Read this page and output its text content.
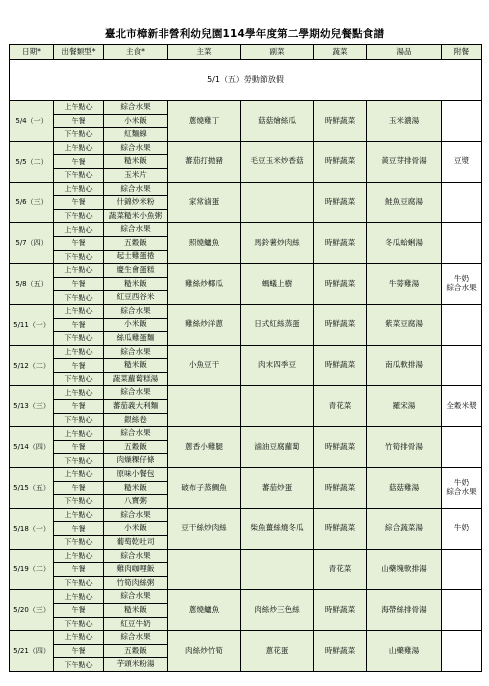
臺北市樟新非營利幼兒園114學年度第二學期幼兒餐點食譜
日期*	出餐類型*	主食*	主菜	副菜	蔬菜	湯品	附餐
5/1（五）勞動節放假							
5/4（一）	上午點心	綜合水果	蔥燒雞丁	菇菇燴絲瓜	時鮮蔬菜	玉米濃湯	
	午餐	小米飯					
	下午點心	紅麵線					
5/5（二）	上午點心	綜合水果	蕃茄打拋豬	毛豆玉米炒香菇	時鮮蔬菜	黃豆芽排骨湯	豆漿
	午餐	糙米飯					
	下午點心	玉米片					
5/6（三）	上午點心	綜合水果	家常滷蛋		時鮮蔬菜	鮭魚豆腐湯	
	午餐	什錦炒米粉					
	下午點心	蔬菜糙米小魚粥					
5/7（四）	上午點心	綜合水果	照燒鱸魚	馬鈴薯炒肉絲	時鮮蔬菜	冬瓜蛤蜊湯	
	午餐	五穀飯					
	下午點心	起士雞蛋捲					
5/8（五）	上午點心	慶生會蛋糕	雞絲炒椰瓜	螞蟻上樹	時鮮蔬菜	牛蒡雞湯	牛奶
綜合水果
	午餐	糙米飯					
	下午點心	紅豆西谷米					
5/11（一）	上午點心	綜合水果	雞絲炒洋蔥	日式紅絲蒸蛋	時鮮蔬菜	紫菜豆腐湯	
	午餐	小米飯					
	下午點心	絲瓜雞蛋麵					
5/12（二）	上午點心	綜合水果	小魚豆干	肉末四季豆	時鮮蔬菜	南瓜軟排湯	
	午餐	糙米飯					
	下午點心	蔬菜蘿蔔糕湯					
5/13（三）	上午點心	綜合水果			青花菜	羅宋湯	全穀米漿
	午餐	蕃茄義大利麵					
	下午點心	銀絲卷					
5/14（四）	上午點心	綜合水果	蔥香小雞腿	滷油豆腐蘿蔔	時鮮蔬菜	竹筍排骨湯	
	午餐	五穀飯					
	下午點心	肉燥粿仔條					
5/15（五）	上午點心	原味小餐包	破布子蒸鯛魚	蕃茄炒蛋	時鮮蔬菜	菇菇雞湯	牛奶
綜合水果
	午餐	糙米飯					
	下午點心	八寶粥					
5/18（一）	上午點心	綜合水果	豆干絲炒肉絲	柴魚薑絲燒冬瓜	時鮮蔬菜	綜合蔬菜湯	牛奶
	午餐	小米飯					
	下午點心	葡萄乾吐司					
5/19（二）	上午點心	綜合水果			青花菜	山藥塊軟排湯	
	午餐	雞肉咖哩飯					
	下午點心	竹筍肉絲粥					
5/20（三）	上午點心	綜合水果	蔥燒鱸魚	肉絲炒三色絲	時鮮蔬菜	海帶絲排骨湯	
	午餐	糙米飯					
	下午點心	紅豆牛奶					
5/21（四）	上午點心	綜合水果	肉絲炒竹筍	蔥花蛋	時鮮蔬菜	山藥雞湯	
	午餐	五穀飯					
	下午點心	芋頭米粉湯					
